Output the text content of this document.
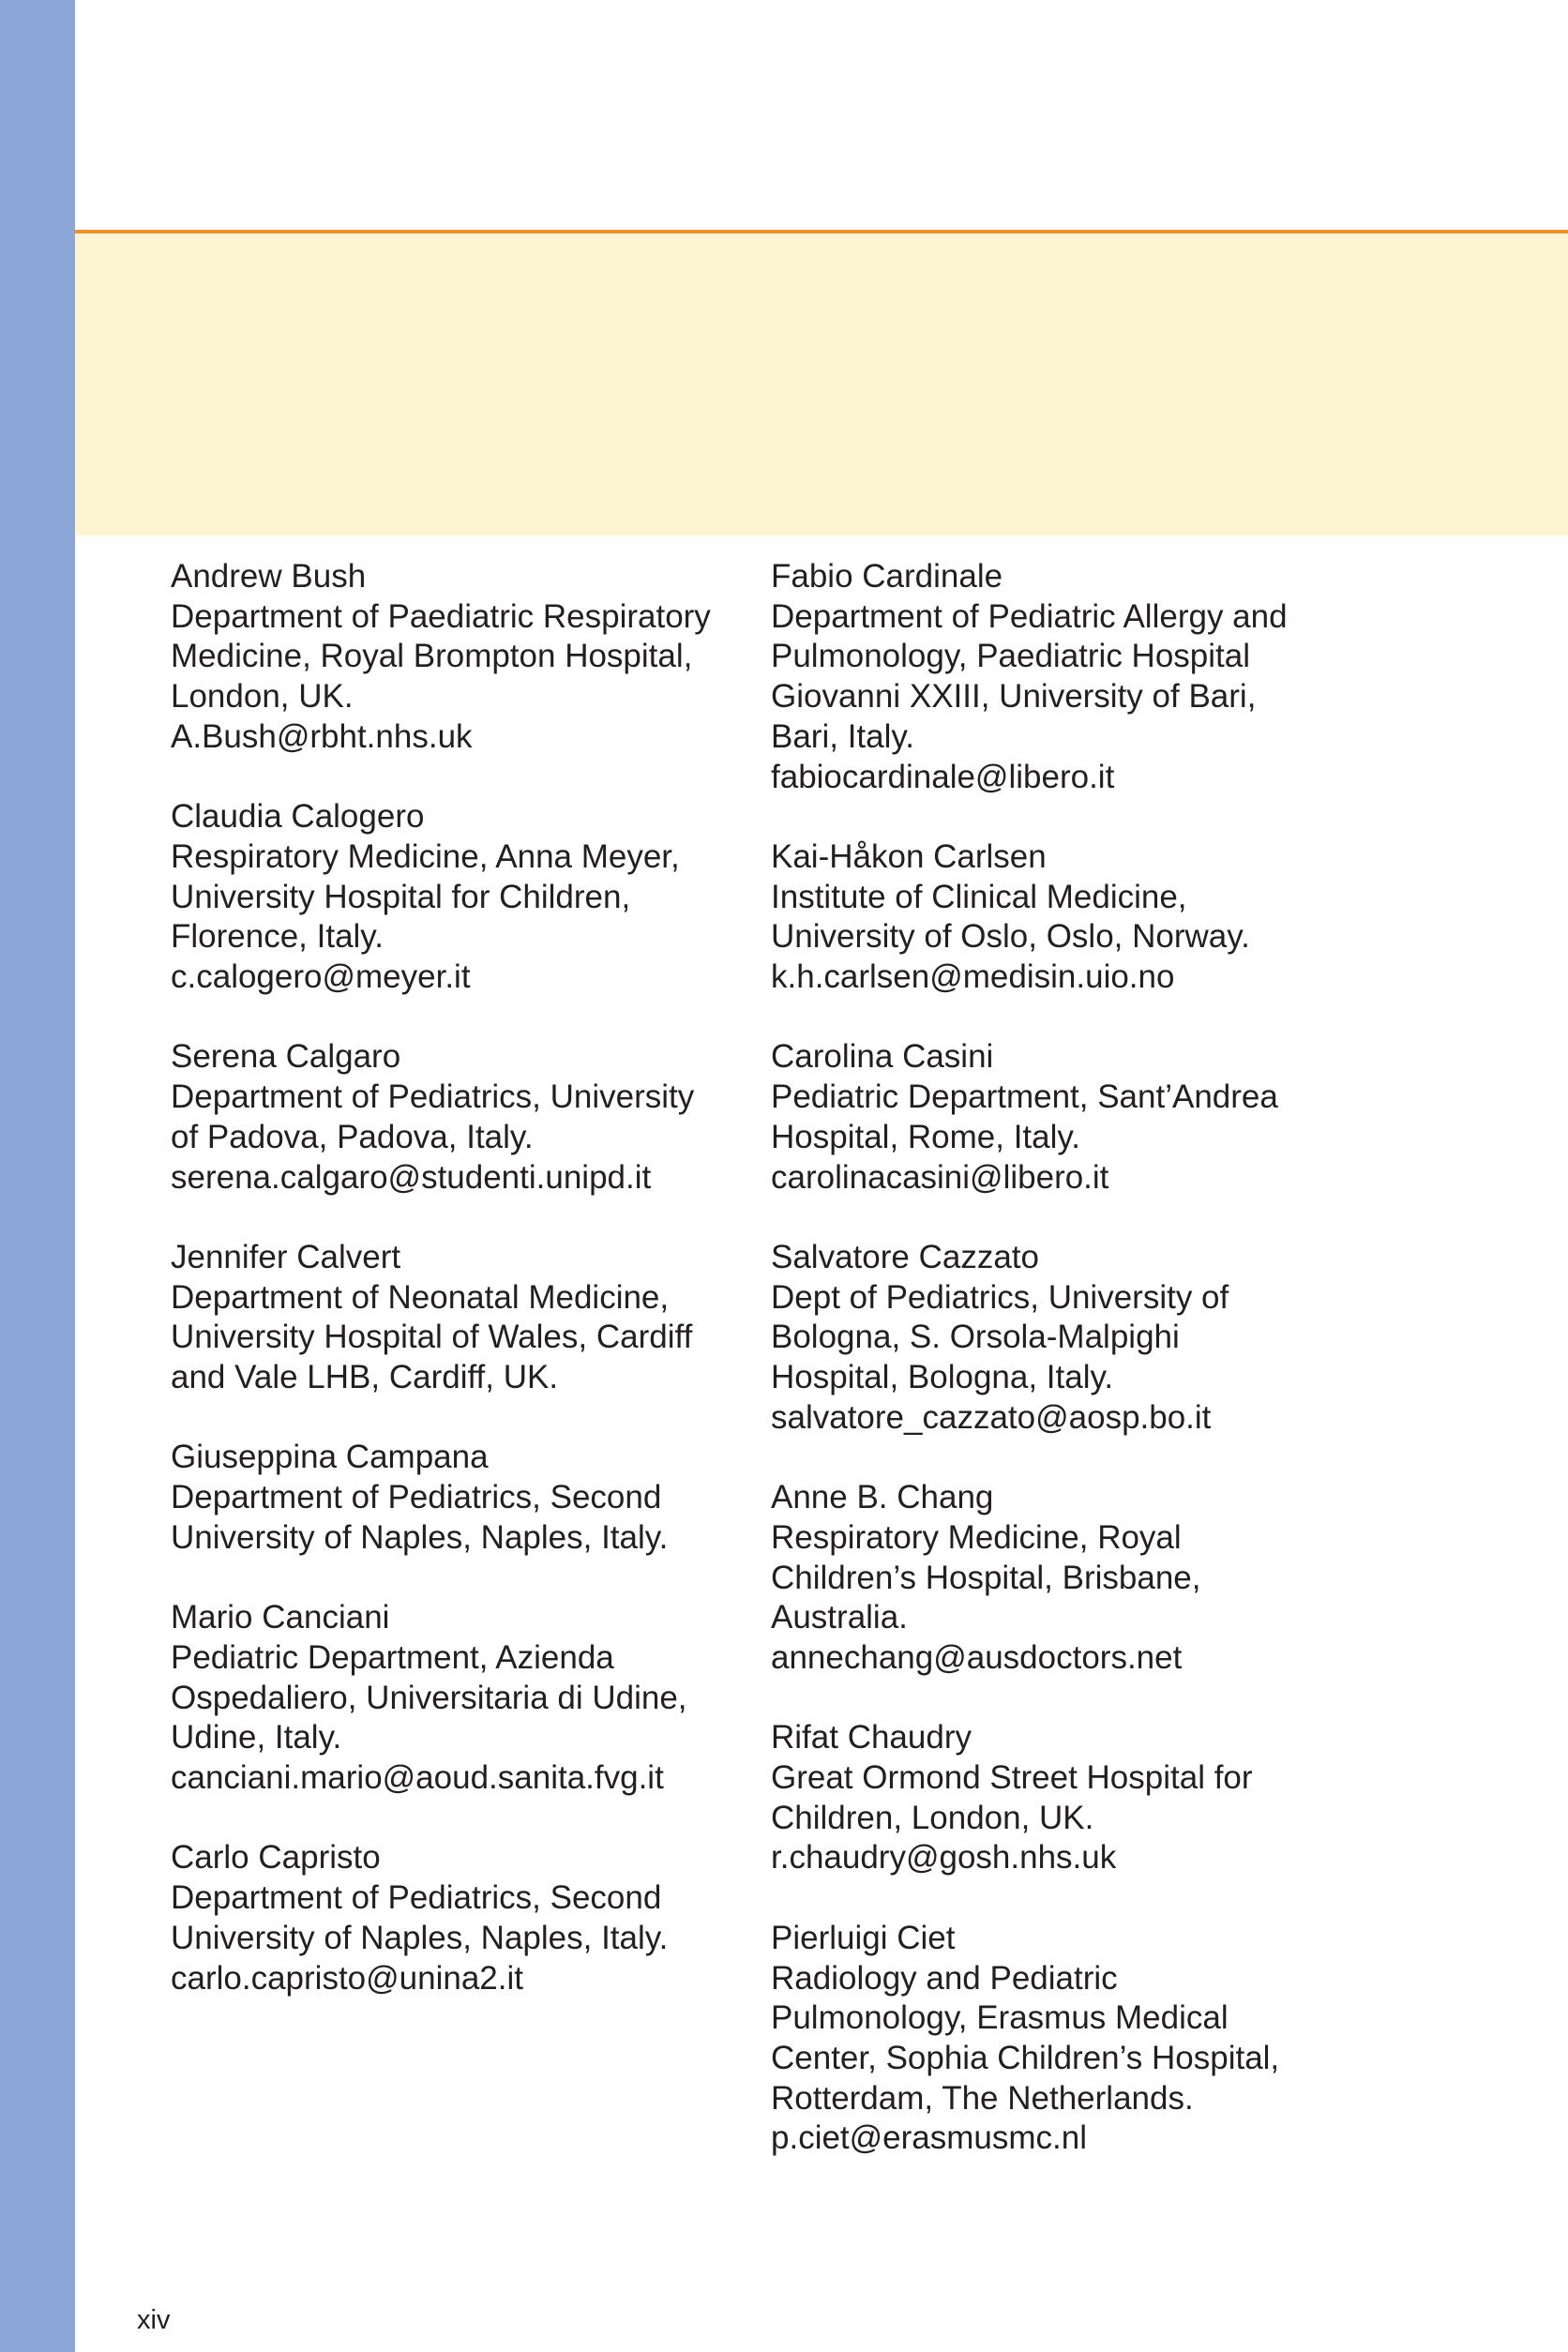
Andrew Bush
Department of Paediatric Respiratory
Medicine, Royal Brompton Hospital,
London, UK.
A.Bush@rbht.nhs.uk
Claudia Calogero
Respiratory Medicine, Anna Meyer,
University Hospital for Children,
Florence, Italy.
c.calogero@meyer.it
Serena Calgaro
Department of Pediatrics, University
of Padova, Padova, Italy.
serena.calgaro@studenti.unipd.it
Jennifer Calvert
Department of Neonatal Medicine,
University Hospital of Wales, Cardiff
and Vale LHB, Cardiff, UK.
Giuseppina Campana
Department of Pediatrics, Second
University of Naples, Naples, Italy.
Mario Canciani
Pediatric Department, Azienda
Ospedaliero, Universitaria di Udine,
Udine, Italy.
canciani.mario@aoud.sanita.fvg.it
Carlo Capristo
Department of Pediatrics, Second
University of Naples, Naples, Italy.
carlo.capristo@unina2.it
Fabio Cardinale
Department of Pediatric Allergy and
Pulmonology, Paediatric Hospital
Giovanni XXIII, University of Bari,
Bari, Italy.
fabiocardinale@libero.it
Kai-Håkon Carlsen
Institute of Clinical Medicine,
University of Oslo, Oslo, Norway.
k.h.carlsen@medisin.uio.no
Carolina Casini
Pediatric Department, Sant’Andrea
Hospital, Rome, Italy.
carolinacasini@libero.it
Salvatore Cazzato
Dept of Pediatrics, University of
Bologna, S. Orsola-Malpighi
Hospital, Bologna, Italy.
salvatore_cazzato@aosp.bo.it
Anne B. Chang
Respiratory Medicine, Royal
Children’s Hospital, Brisbane,
Australia.
annechang@ausdoctors.net
Rifat Chaudry
Great Ormond Street Hospital for
Children, London, UK.
r.chaudry@gosh.nhs.uk
Pierluigi Ciet
Radiology and Pediatric
Pulmonology, Erasmus Medical
Center, Sophia Children’s Hospital,
Rotterdam, The Netherlands.
p.ciet@erasmusmc.nl
xiv
